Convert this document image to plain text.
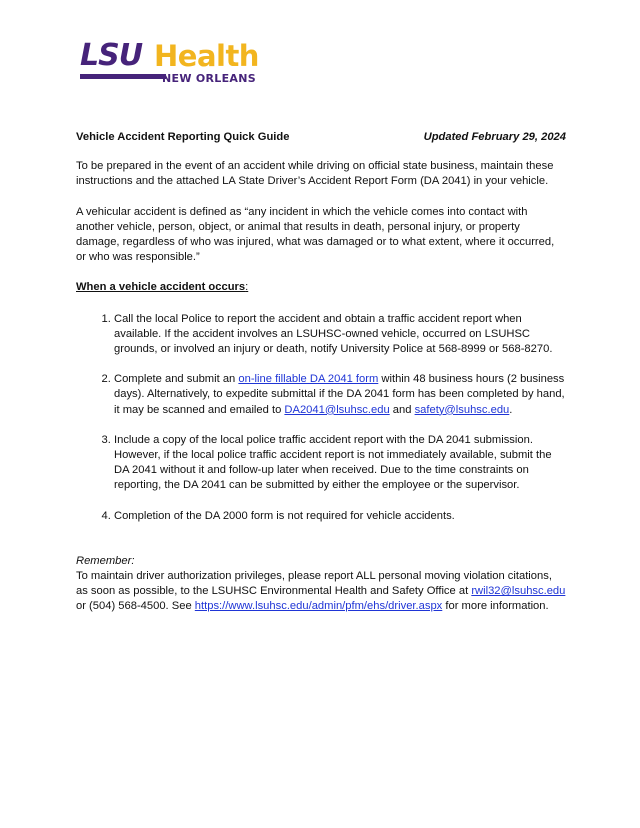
LSU Health
NEW ORLEANS
Vehicle Accident Reporting Quick Guide	Updated February 29, 2024

To be prepared in the event of an accident while driving on official state business, maintain these instructions and the attached LA State Driver’s Accident Report Form (DA 2041) in your vehicle.

A vehicular accident is defined as “any incident in which the vehicle comes into contact with another vehicle, person, object, or animal that results in death, personal injury, or property damage, regardless of who was injured, what was damaged or to what extent, where it occurred, or who was responsible.”

When a vehicle accident occurs:
1. Call the local Police to report the accident and obtain a traffic accident report when available. If the accident involves an LSUHSC-owned vehicle, occurred on LSUHSC grounds, or involved an injury or death, notify University Police at 568-8999 or 568-8270.
2. Complete and submit an on-line fillable DA 2041 form within 48 business hours (2 business days). Alternatively, to expedite submittal if the DA 2041 form has been completed by hand, it may be scanned and emailed to DA2041@lsuhsc.edu and safety@lsuhsc.edu.
3. Include a copy of the local police traffic accident report with the DA 2041 submission. However, if the local police traffic accident report is not immediately available, submit the DA 2041 without it and follow-up later when received. Due to the time constraints on reporting, the DA 2041 can be submitted by either the employee or the supervisor.
4. Completion of the DA 2000 form is not required for vehicle accidents.
Remember:
To maintain driver authorization privileges, please report ALL personal moving violation citations, as soon as possible, to the LSUHSC Environmental Health and Safety Office at rwil32@lsuhsc.edu or (504) 568-4500. See https://www.lsuhsc.edu/admin/pfm/ehs/driver.aspx for more information.
